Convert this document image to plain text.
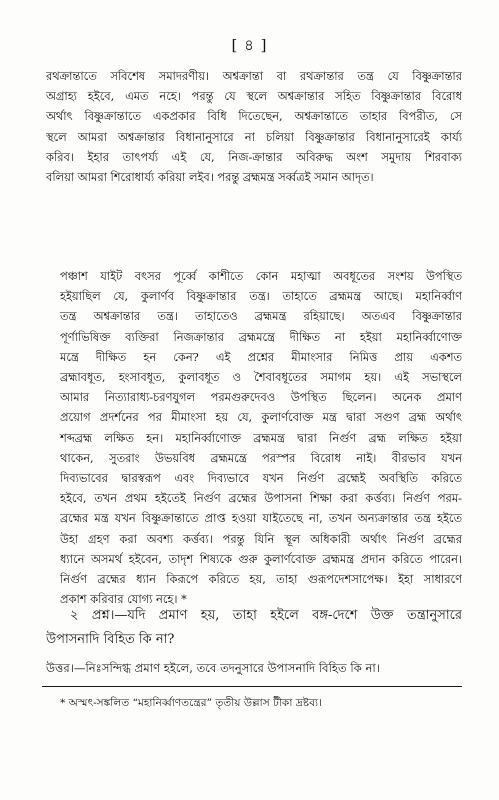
[ ৪ ]
রথক্রান্তাতে সবিশেষ সমাদরণীয়। অশ্বক্রান্তা বা রথক্রান্তার তন্ত্র যে বিষ্ণুক্রান্তার
অগ্রাহ্য হইবে, এমত নহে। পরন্তু যে স্থলে অশ্বক্রান্তার সহিত বিষ্ণুক্রান্তার বিরোধ
অর্থাৎ বিষ্ণুক্রান্তাতে একপ্রকার বিধি দিতেছেন, অশ্বক্রান্তাতে তাহার বিপরীত, সে
স্থলে আমরা অশ্বক্রান্তার বিধানানুসারে না চলিয়া বিষ্ণুক্রান্তার বিধানানুসারেই কার্য্য
করিব। ইহার তাৎপর্য্য এই যে, নিজ-ক্রান্তার অবিরুদ্ধ অংশ সমুদায় শিরবাক্য
বলিয়া আমরা শিরোধার্য্য করিয়া লইব। পরন্তু ব্রহ্মমন্ত্র সর্ব্বত্রই সমান আদৃত।
পঞ্চাশ যাইট বৎসর পূর্ব্বে কাশীতে কোন মহাত্মা অবধূতের সংশয় উপস্থিত
হইয়াছিল যে, কুলার্ণব বিষ্ণুক্রান্তার তন্ত্র। তাহাতে ব্রহ্মমন্ত্র আছে। মহানির্ব্বাণ
তন্ত্র অশ্বক্রান্তার তন্ত্র। তাহাতেও ব্রহ্মমন্ত্র রহিয়াছে। অতএব বিষ্ণুক্রান্তার
পূর্ণাভিষিক্ত ব্যক্তিরা নিজক্রান্তার ব্রহ্মমন্ত্রে দীক্ষিত না হইয়া মহানির্ব্বাণোক্ত
মন্ত্রে দীক্ষিত হন কেন? এই প্রশ্নের মীমাংসার নিমিত্ত প্রায় একশত
ব্রহ্মাবধূত, হংসাবধূত, কুলাবধূত ও শৈবাবধূতের সমাগম হয়। এই সভাস্থলে
আমার নিত্যারাধ্য-চরণযুগল পরমগুরুদেবও উপস্থিত ছিলেন। অনেক প্রমাণ
প্রয়োগ প্রদর্শনের পর মীমাংসা হয় যে, কুলার্ণবোক্ত মন্ত্র দ্বারা সগুণ ব্রহ্ম অর্থাৎ
শব্দব্রহ্ম লক্ষিত হন। মহানির্ব্বাণোক্ত ব্রহ্মমন্ত্র দ্বারা নির্গুণ ব্রহ্ম লক্ষিত হইয়া
থাকেন, সুতরাং উভয়বিধ ব্রহ্মমন্ত্রে পরস্পর বিরোধ নাই। বীরভাব যখন
দিব্যভাবের দ্বারস্বরূপ এবং দিব্যভাবে যখন নির্গুণ ব্রহ্মেই অবস্থিতি করিতে
হইবে, তখন প্রথম হইতেই নির্গুণ ব্রহ্মের উপাসনা শিক্ষা করা কর্ত্তব্য। নির্গুণ পরম-
ব্রহ্মের মন্ত্র যখন বিষ্ণুক্রান্তাতে প্রাপ্ত হওয়া যাইতেছে না, তখন অন্যক্রান্তার তন্ত্র হইতে
উহা গ্রহণ করা অবশ্য কর্ত্তব্য। পরন্তু যিনি স্থূল অধিকারী অর্থাৎ নির্গুণ ব্রহ্মের
ধ্যানে অসমর্থ হইবেন, তাদৃশ শিষ্যকে গুরু কুলার্ণবোক্ত ব্রহ্মমন্ত্র প্রদান করিতে পারেন।
নির্গুণ ব্রহ্মের ধ্যান কিরূপে করিতে হয়, তাহা গুরূপদেশসাপেক্ষ। ইহা সাধারণে
প্রকাশ করিবার যোগ্য নহে। *
২ প্রশ্ন।—যদি প্রমাণ হয়, তাহা হইলে বঙ্গ-দেশে উক্ত তন্ত্রানুসারে
উপাসনাদি বিহিত কি না?
উত্তর।—নিঃসন্দিগ্ধ প্রমাণ হইলে, তবে তদনুসারে উপাসনাদি বিহিত কি না।
* অস্মৎ-সঙ্কলিত “মহানির্ব্বাণতন্ত্রের” তৃতীয় উল্লাস টীকা দ্রষ্টব্য।
